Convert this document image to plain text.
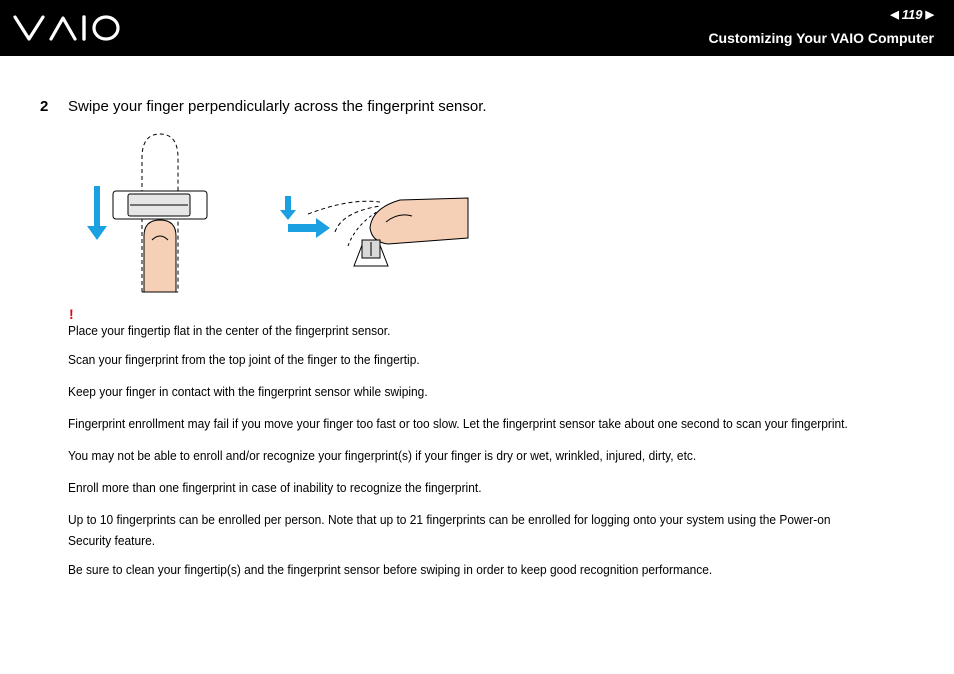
◀ 119 ▶
Customizing Your VAIO Computer
2 Swipe your finger perpendicularly across the fingerprint sensor.
!
Place your fingertip flat in the center of the fingerprint sensor.
Scan your fingerprint from the top joint of the finger to the fingertip.
Keep your finger in contact with the fingerprint sensor while swiping.
Fingerprint enrollment may fail if you move your finger too fast or too slow. Let the fingerprint sensor take about one second to scan your fingerprint.
You may not be able to enroll and/or recognize your fingerprint(s) if your finger is dry or wet, wrinkled, injured, dirty, etc.
Enroll more than one fingerprint in case of inability to recognize the fingerprint.
Up to 10 fingerprints can be enrolled per person. Note that up to 21 fingerprints can be enrolled for logging onto your system using the Power-on Security feature.
Be sure to clean your fingertip(s) and the fingerprint sensor before swiping in order to keep good recognition performance.
